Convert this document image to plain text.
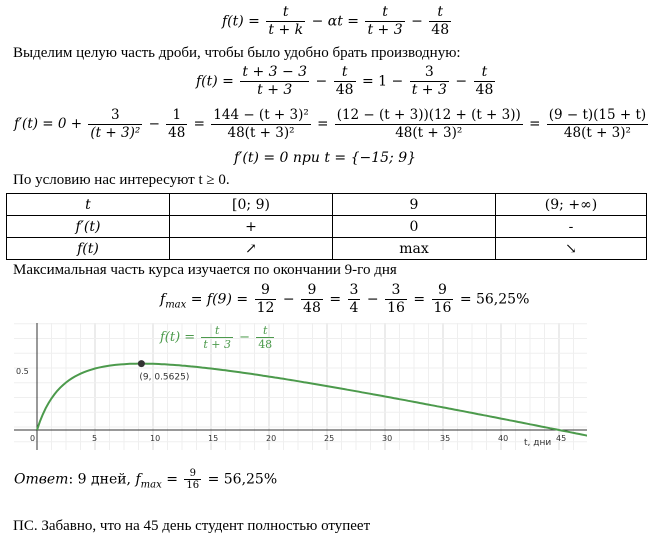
$f(t) = \frac{t}{t + k} - \alpha t = \frac{t}{t + 3} - \frac{t}{48}$
Выделим целую часть дроби, чтобы было удобно брать производную:
$f(t) = \frac{t + 3 - 3}{t + 3} - \frac{t}{48} = 1 - \frac{3}{t + 3} - \frac{t}{48}$
$f'(t) = 0 + \frac{3}{\text{(t + 3)²}} - \frac{1}{48} = \frac{\text{144 − (t + 3)²}}{\text{48(t + 3)²}} = \frac{(12 - (t + 3))(12 + (t + 3))}{\text{48(t + 3)²}} = \frac{(9 - t)(15 + t)}{\text{48(t + 3)²}}$
f′(t) = 0 при t = {−15; 9}
По условию нас интересуют t ≥ 0.
t	[0; 9)	9	(9; +∞)
f′(t)	+	0	-
f(t)	↗	max	↘
Максимальная часть курса изучается по окончании 9-го дня
$f_{max} = f(9) = \frac{9}{12} - \frac{9}{48} = \frac{3}{4} - \frac{3}{16} = \frac{9}{16} = 56,25\%$
5	10	15	20	25	30	35	40	45
0.5
0	t, дни
(9, 0.5625)
$f(t) = \frac{t}{t + 3} - \frac{t}{48}$
Ответ: 9 дней, $f_{max} = \frac{9}{16} = 56,25\%$
ПС. Забавно, что на 45 день студент полностью отупеет
